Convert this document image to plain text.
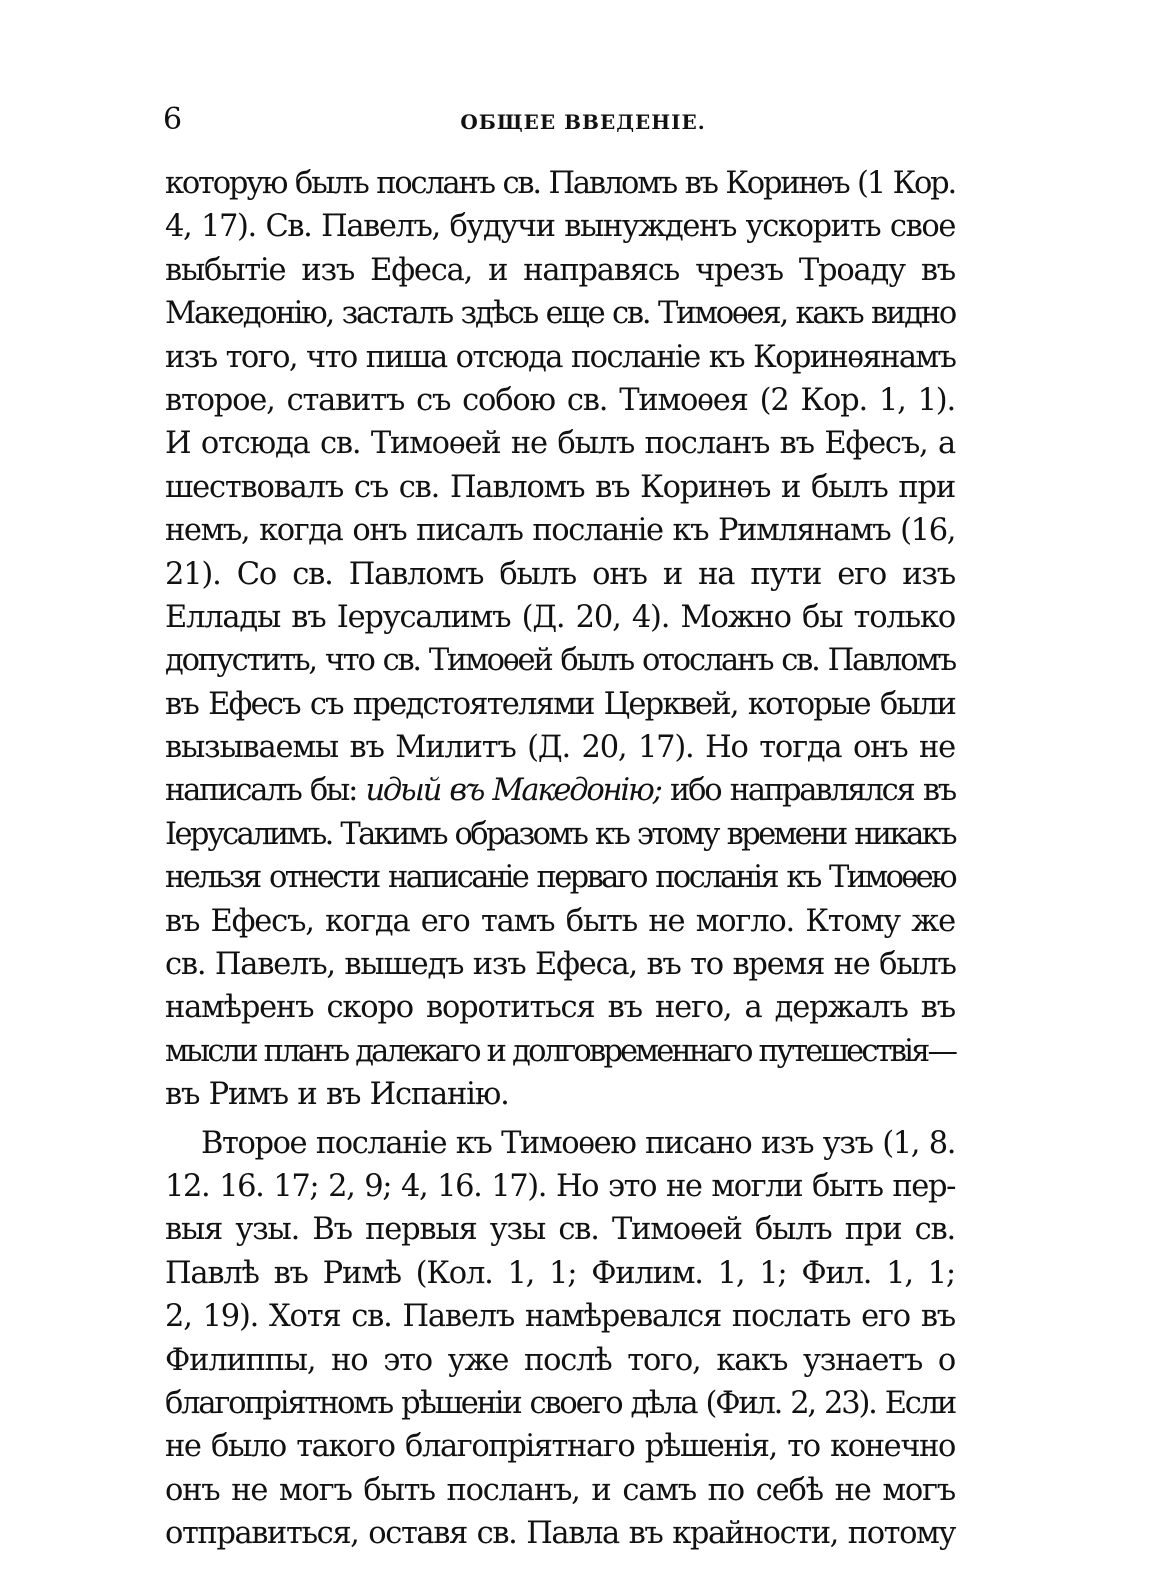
6	ОБЩЕЕ ВВЕДЕНІЕ.
которую былъ посланъ св. Павломъ въ Коринѳъ (1 Кор.
4, 17). Св. Павелъ, будучи вынужденъ ускорить свое
выбытіе изъ Ефеса, и направясь чрезъ Троаду въ
Македонію, засталъ здѣсь еще св. Тимоѳея, какъ видно
изъ того, что пиша отсюда посланіе къ Коринѳянамъ
второе, ставитъ съ собою св. Тимоѳея (2 Кор. 1, 1).
И отсюда св. Тимоѳей не былъ посланъ въ Ефесъ, а
шествовалъ съ св. Павломъ въ Коринѳъ и былъ при
немъ, когда онъ писалъ посланіе къ Римлянамъ (16,
21). Со св. Павломъ былъ онъ и на пути его изъ
Еллады въ Іерусалимъ (Д. 20, 4). Можно бы только
допустить, что св. Тимоѳей былъ отосланъ св. Павломъ
въ Ефесъ съ предстоятелями Церквей, которые были
вызываемы въ Милитъ (Д. 20, 17). Но тогда онъ не
написалъ бы: идый въ Македонію; ибо направлялся въ
Іерусалимъ. Такимъ образомъ къ этому времени никакъ
нельзя отнести написаніе перваго посланія къ Тимоѳею
въ Ефесъ, когда его тамъ быть не могло. Ктому же
св. Павелъ, вышедъ изъ Ефеса, въ то время не былъ
намѣренъ скоро воротиться въ него, а держалъ въ
мысли планъ далекаго и долговременнаго путешествія—
въ Римъ и въ Испанію.
Второе посланіе къ Тимоѳею писано изъ узъ (1, 8.
12. 16. 17; 2, 9; 4, 16. 17). Но это не могли быть пер-
выя узы. Въ первыя узы св. Тимоѳей былъ при св.
Павлѣ въ Римѣ (Кол. 1, 1; Филим. 1, 1; Фил. 1, 1;
2, 19). Хотя св. Павелъ намѣревался послать его въ
Филиппы, но это уже послѣ того, какъ узнаетъ о
благопріятномъ рѣшеніи своего дѣла (Фил. 2, 23). Если
не было такого благопріятнаго рѣшенія, то конечно
онъ не могъ быть посланъ, и самъ по себѣ не могъ
отправиться, оставя св. Павла въ крайности, потому
